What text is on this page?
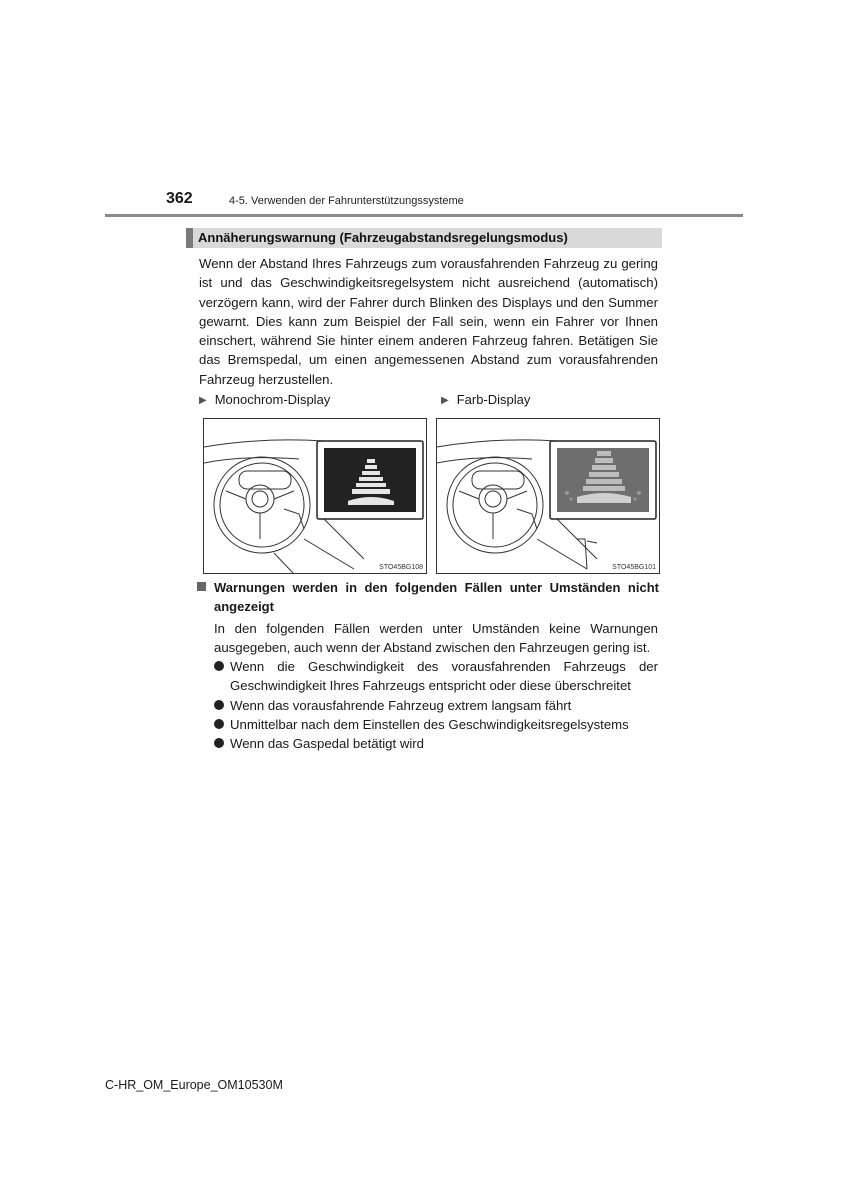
362	4-5. Verwenden der Fahrunterstützungssysteme
Annäherungswarnung (Fahrzeugabstandsregelungsmodus)
Wenn der Abstand Ihres Fahrzeugs zum vorausfahrenden Fahrzeug zu gering ist und das Geschwindigkeitsregelsystem nicht ausreichend (automatisch) verzögern kann, wird der Fahrer durch Blinken des Displays und den Summer gewarnt. Dies kann zum Beispiel der Fall sein, wenn ein Fahrer vor Ihnen einschert, während Sie hinter einem anderen Fahrzeug fahren. Betätigen Sie das Bremspedal, um einen angemessenen Abstand zum vorausfahrenden Fahrzeug herzustellen.
▶ Monochrom-Display	▶ Farb-Display
STO45BG108	STO45BG101
Warnungen werden in den folgenden Fällen unter Umständen nicht angezeigt
In den folgenden Fällen werden unter Umständen keine Warnungen ausgegeben, auch wenn der Abstand zwischen den Fahrzeugen gering ist.
Wenn die Geschwindigkeit des vorausfahrenden Fahrzeugs der Geschwindigkeit Ihres Fahrzeugs entspricht oder diese überschreitet
Wenn das vorausfahrende Fahrzeug extrem langsam fährt
Unmittelbar nach dem Einstellen des Geschwindigkeitsregelsystems
Wenn das Gaspedal betätigt wird
C-HR_OM_Europe_OM10530M
